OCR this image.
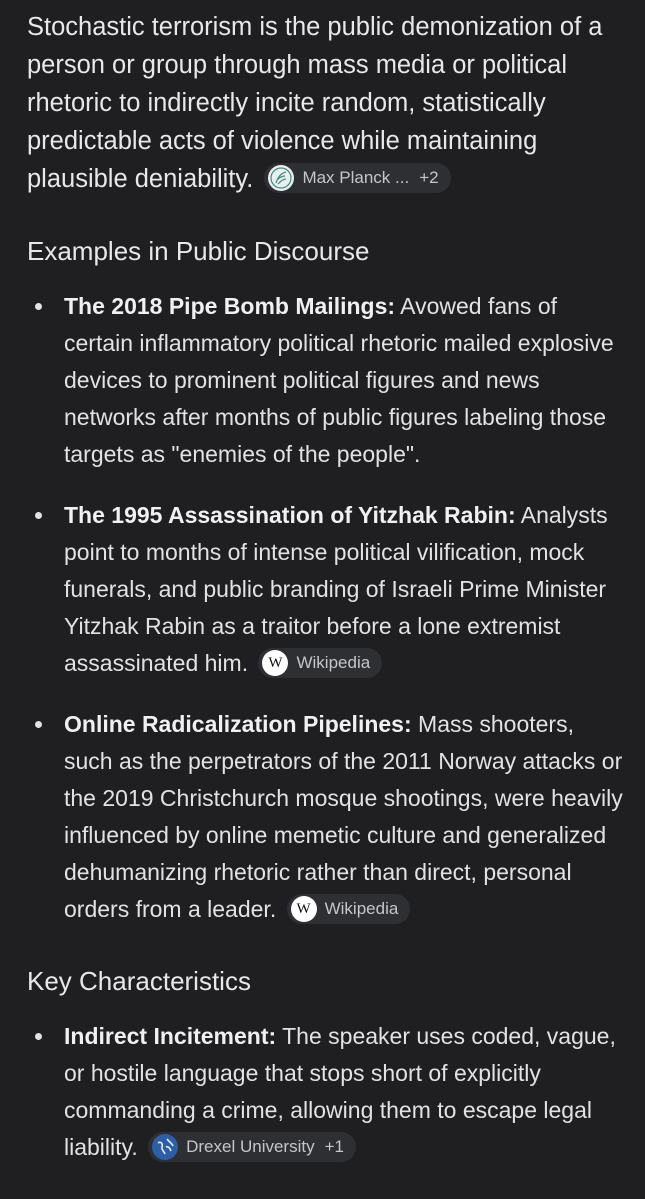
Stochastic terrorism is the public demonization of a person or group through mass media or political rhetoric to indirectly incite random, statistically predictable acts of violence while maintaining plausible deniability.	Max Planck ... +2

Examples in Public Discourse
The 2018 Pipe Bomb Mailings: Avowed fans of certain inflammatory political rhetoric mailed explosive devices to prominent political figures and news networks after months of public figures labeling those targets as "enemies of the people".
The 1995 Assassination of Yitzhak Rabin: Analysts point to months of intense political vilification, mock funerals, and public branding of Israeli Prime Minister Yitzhak Rabin as a traitor before a lone extremist assassinated him.	W Wikipedia
Online Radicalization Pipelines: Mass shooters, such as the perpetrators of the 2011 Norway attacks or the 2019 Christchurch mosque shootings, were heavily influenced by online memetic culture and generalized dehumanizing rhetoric rather than direct, personal orders from a leader.	W Wikipedia
Key Characteristics
Indirect Incitement: The speaker uses coded, vague, or hostile language that stops short of explicitly commanding a crime, allowing them to escape legal liability.	Drexel University +1
